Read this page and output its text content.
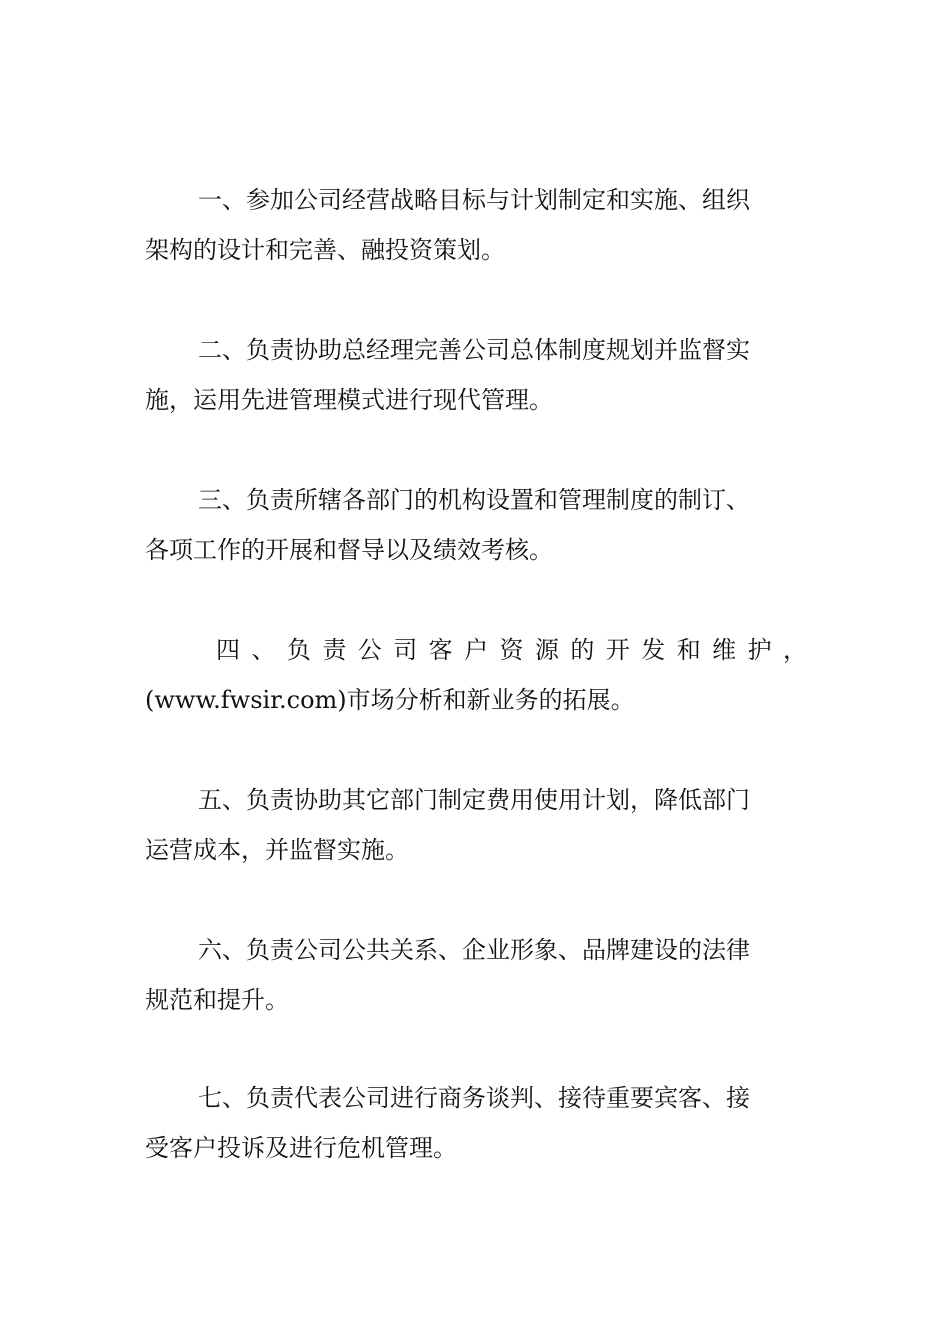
一、参加公司经营战略目标与计划制定和实施、组织
架构的设计和完善、融投资策划。

二、负责协助总经理完善公司总体制度规划并监督实
施，运用先进管理模式进行现代管理。

三、负责所辖各部门的机构设置和管理制度的制订、
各项工作的开展和督导以及绩效考核。

四 、 负 责 公 司 客 户 资 源 的 开 发 和 维 护 ，
(www.fwsir.com)市场分析和新业务的拓展。

五、负责协助其它部门制定费用使用计划，降低部门
运营成本，并监督实施。

六、负责公司公共关系、企业形象、品牌建设的法律
规范和提升。

七、负责代表公司进行商务谈判、接待重要宾客、接
受客户投诉及进行危机管理。
